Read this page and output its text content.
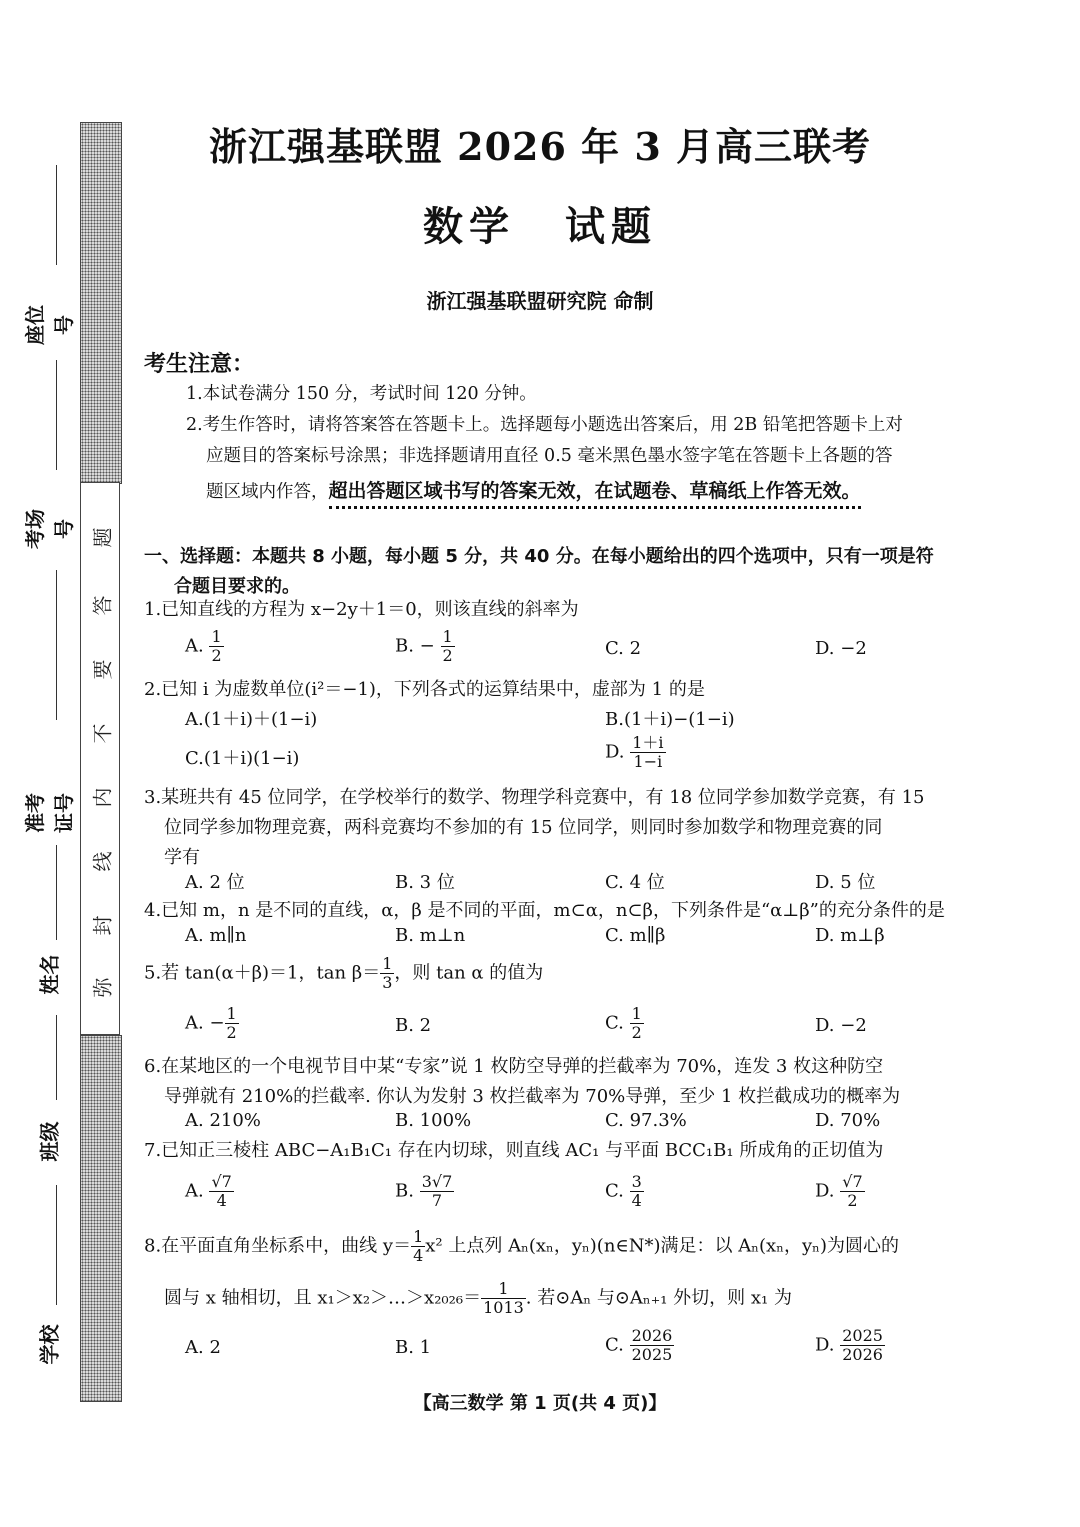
题
答
要
不
内
线
封
弥
座位号
考场号
准考证号
姓名
班级
学校
浙江强基联盟 2026 年 3 月高三联考
数学 试题
浙江强基联盟研究院 命制
考生注意：
1.本试卷满分 150 分，考试时间 120 分钟。
2.考生作答时，请将答案答在答题卡上。选择题每小题选出答案后，用 2B 铅笔把答题卡上对
应题目的答案标号涂黑；非选择题请用直径 0.5 毫米黑色墨水签字笔在答题卡上各题的答
题区域内作答，超出答题区域书写的答案无效，在试题卷、草稿纸上作答无效。
一、选择题：本题共 8 小题，每小题 5 分，共 40 分。在每小题给出的四个选项中，只有一项是符
合题目要求的。
1.已知直线的方程为 x−2y＋1＝0，则该直线的斜率为
A. $\frac{1}{2}$	B. − $\frac{1}{2}$	C. 2	D. −2
2.已知 i 为虚数单位(i²＝−1)，下列各式的运算结果中，虚部为 1 的是
A.(1＋i)＋(1−i)	B.(1＋i)−(1−i)
C.(1＋i)(1−i)	D. $\frac{1+i}{1-i}$
3.某班共有 45 位同学，在学校举行的数学、物理学科竞赛中，有 18 位同学参加数学竞赛，有 15
位同学参加物理竞赛，两科竞赛均不参加的有 15 位同学，则同时参加数学和物理竞赛的同
学有
A. 2 位	B. 3 位	C. 4 位	D. 5 位
4.已知 m，n 是不同的直线，α，β 是不同的平面，m⊂α，n⊂β，下列条件是“α⊥β”的充分条件的是
A. m∥n	B. m⊥n	C. m∥β	D. m⊥β
5.若 tan(α＋β)＝1，$\tan \beta= \frac{1}{3}$ ，则 tan α 的值为
A. − $\frac{1}{2}$	B. 2	C. $\frac{1}{2}$	D. −2
6.在某地区的一个电视节目中某“专家”说 1 枚防空导弹的拦截率为 70%，连发 3 枚这种防空
导弹就有 210%的拦截率. 你认为发射 3 枚拦截率为 70%导弹，至少 1 枚拦截成功的概率为
A. 210%	B. 100%	C. 97.3%	D. 70%
7.已知正三棱柱 ABC−A₁B₁C₁ 存在内切球，则直线 AC₁ 与平面 BCC₁B₁ 所成角的正切值为
A. $\frac{√7}{4}$	B. $\frac{3√7}{7}$	C. $\frac{3}{4}$	D. $\frac{√7}{2}$
8.在平面直角坐标系中，曲线 $y= \frac{1}{4} x^2$ 上点列 Aₙ(xₙ，yₙ)(n∈N*)满足：以 Aₙ(xₙ，yₙ)为圆心的
圆与 x 轴相切，且 x₁＞x₂＞…＞x₂₀₂₆＝ $\frac{1}{1013}$ . 若⊙Aₙ 与⊙Aₙ₊₁ 外切，则 x₁ 为
A. 2	B. 1	C. $\frac{2026}{2025}$	D. $\frac{2025}{2026}$
【高三数学 第 1 页(共 4 页)】
